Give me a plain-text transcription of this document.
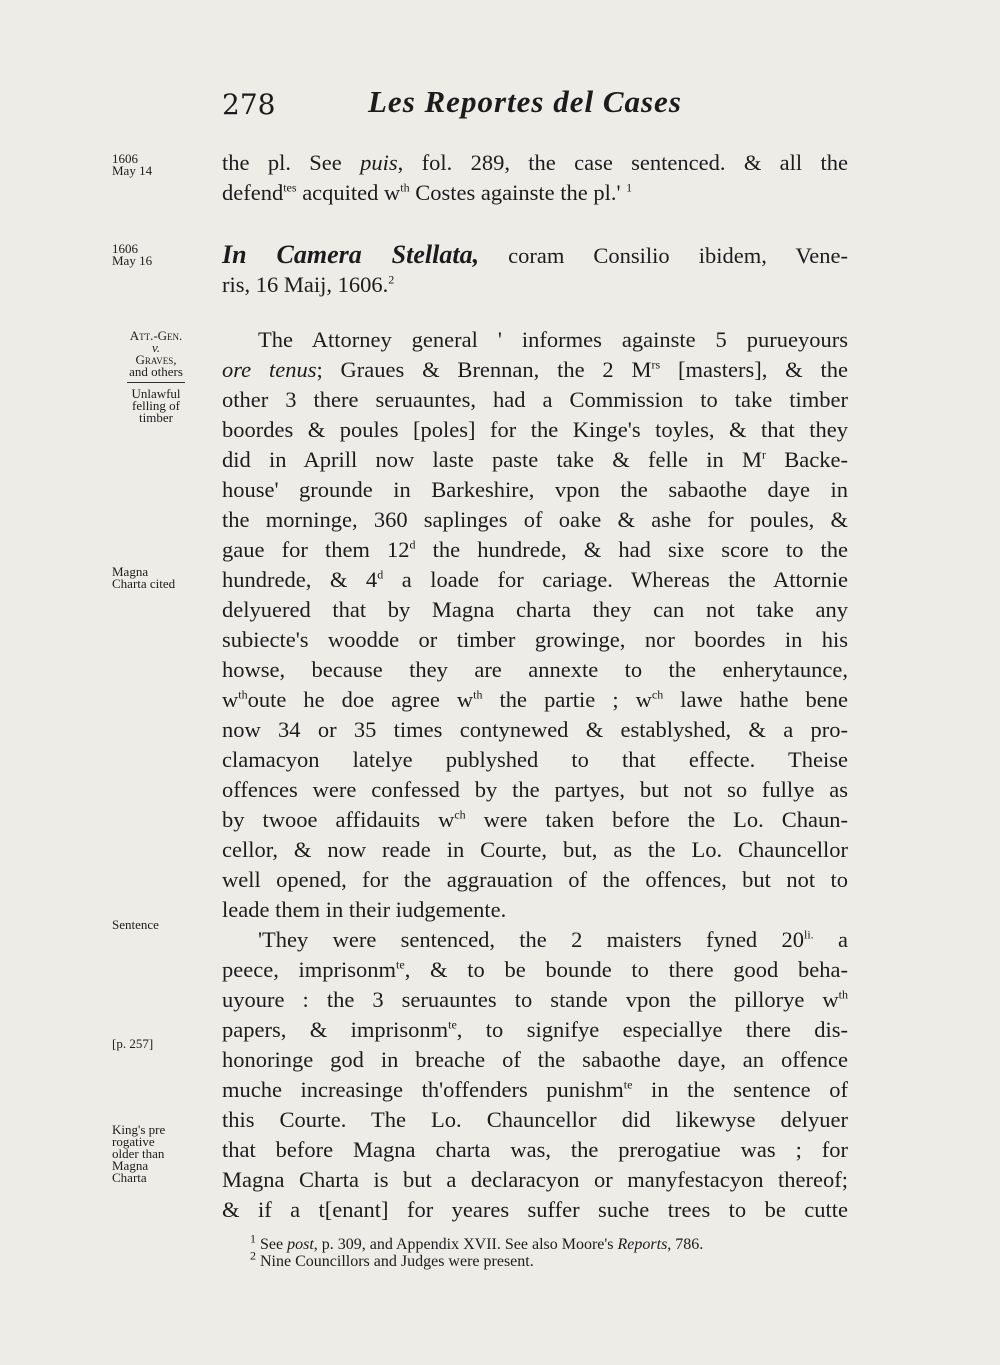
278	Les Reportes del Cases
1606
May 14
1606
May 16
Att.-Gen.
v.
Graves,
and others
Unlawful
felling of
timber
Magna
Charta cited
Sentence
[p. 257]
King's pre
rogative
older than
Magna
Charta
the pl. See puis, fol. 289, the case sentenced. & all the
defend$^{tes}$ acquited $w^{th}$ Costes againste the pl.' $^1$
In Camera Stellata, coram Consilio ibidem, Vene-
ris, 16 Maij, 1606.$^2$
The Attorney general ' informes againste 5 purueyours
ore tenus; Graues & Brennan, the 2 $M^{rs}$ [masters], & the
other 3 there seruauntes, had a Commission to take timber
boordes & poules [poles] for the Kinge's toyles, & that they
did in Aprill now laste paste take & felle in $M^r$ Backe-
house' grounde in Barkeshire, vpon the sabaothe daye in
the morninge, 360 saplinges of oake & ashe for poules, &
gaue for them 12$^d$ the hundrede, & had sixe score to the
hundrede, & 4$^d$ a loade for cariage. Whereas the Attornie
delyuered that by Magna charta they can not take any
subiecte's woodde or timber growinge, nor boordes in his
howse, because they are annexte to the enherytaunce,
$w^{th}oute$ he doe agree $w^{th}$ the partie ; $w^{ch}$ lawe hathe bene
now 34 or 35 times contynewed & establyshed, & a pro-
clamacyon latelye publyshed to that effecte. Theise
offences were confessed by the partyes, but not so fullye as
by twooe affidauits $w^{ch}$ were taken before the Lo. Chaun-
cellor, & now reade in Courte, but, as the Lo. Chauncellor
well opened, for the aggrauation of the offences, but not to
leade them in their iudgemente.
'They were sentenced, the 2 maisters fyned $20^{li.}$ a
peece, imprisonm$^{te}$, & to be bounde to there good beha-
uyoure : the 3 seruauntes to stande vpon the pillorye $w^{th}$
papers, & imprisonm$^{te}$, to signifye especiallye there dis-
honoringe god in breache of the sabaothe daye, an offence
muche increasinge th'offenders punishm$^{te}$ in the sentence of
this Courte. The Lo. Chauncellor did likewyse delyuer
that before Magna charta was, the prerogatiue was ; for
Magna Charta is but a declaracyon or manyfestacyon thereof;
& if a t[enant] for yeares suffer suche trees to be cutte
$^1$ See post, p. 309, and Appendix XVII. See also Moore's Reports, 786.
$^2$ Nine Councillors and Judges were present.
